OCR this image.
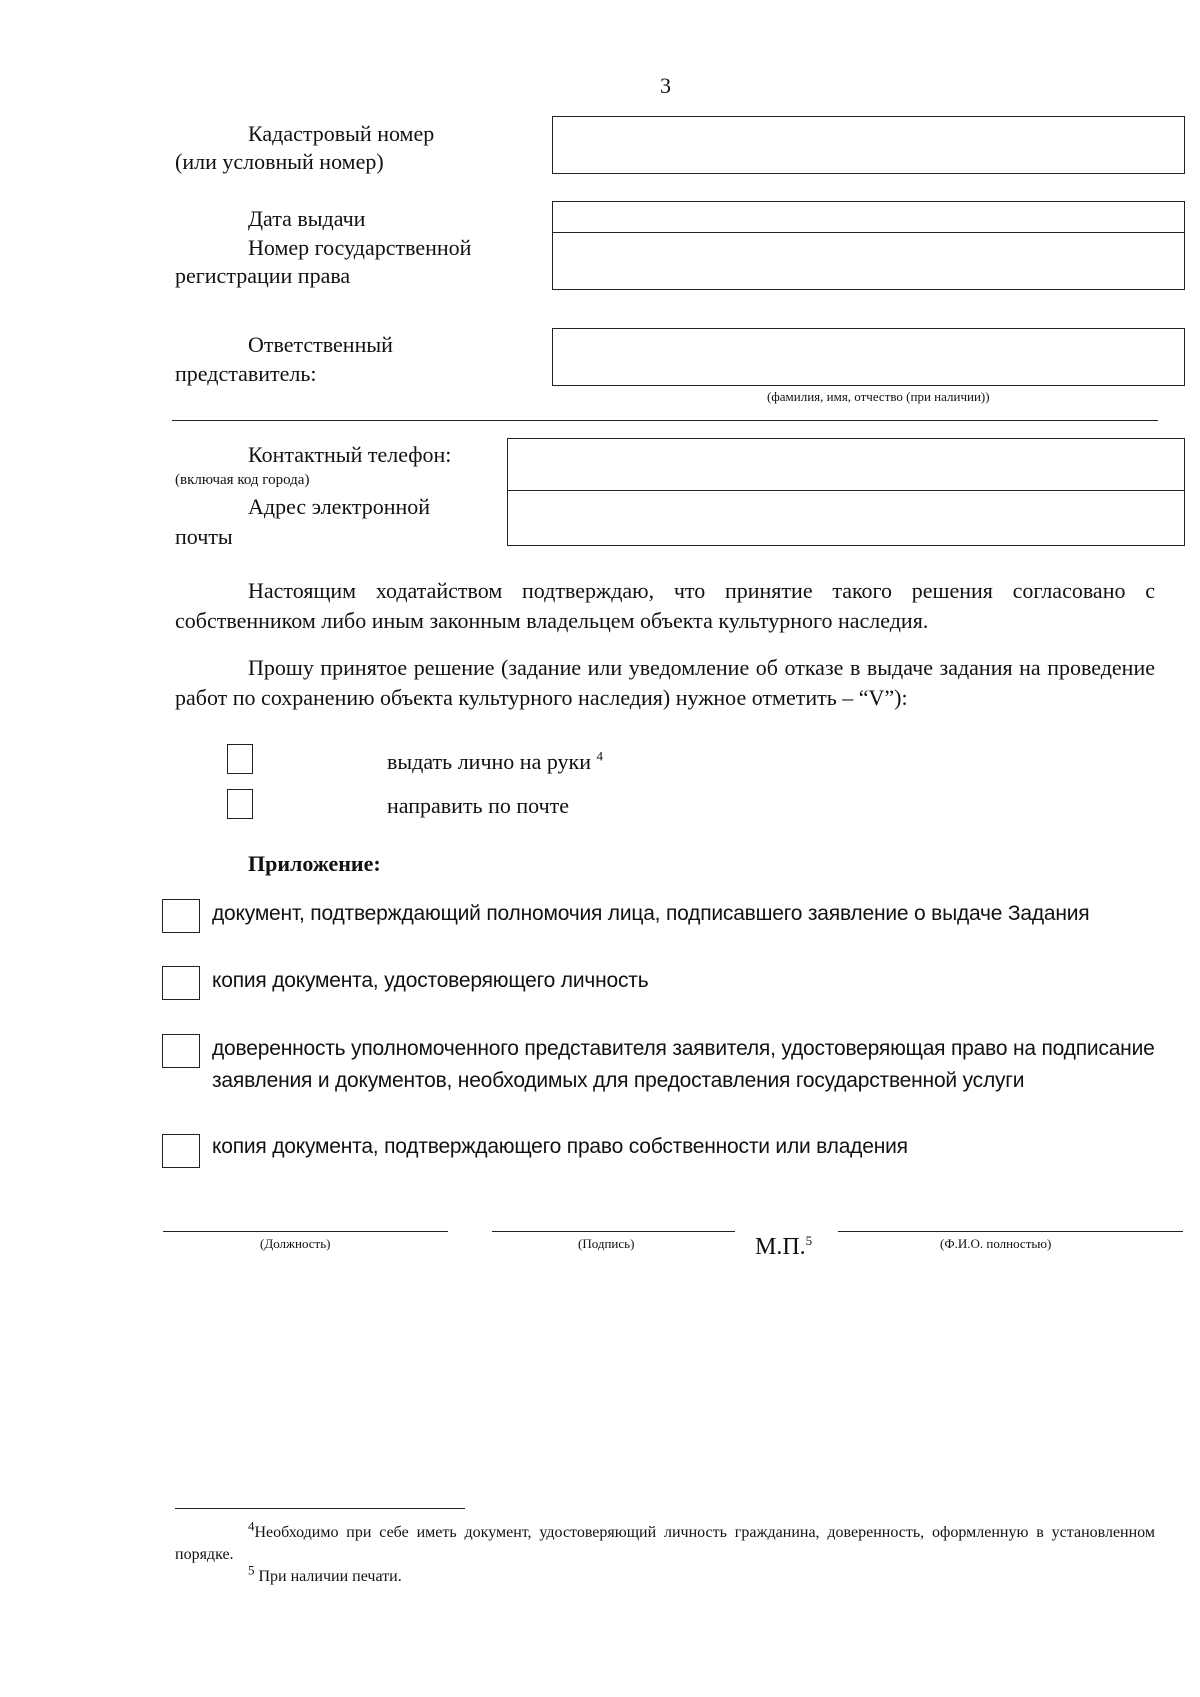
3
Кадастровый номер
(или условный номер)
Дата выдачи
Номер государственной
регистрации права
Ответственный
представитель:
(фамилия, имя, отчество (при наличии))
Контактный телефон:
(включая код города)
Адрес электронной
почты
Настоящим ходатайством подтверждаю, что принятие такого решения согласовано с собственником либо иным законным владельцем объекта культурного наследия.
Прошу принятое решение (задание или уведомление об отказе в выдаче задания на проведение работ по сохранению объекта культурного наследия) нужное отметить – “V”):
выдать лично на руки $^4$
направить по почте
Приложение:
документ, подтверждающий полномочия лица, подписавшего заявление о выдаче Задания
копия документа, удостоверяющего личность
доверенность уполномоченного представителя заявителя, удостоверяющая право на подписание заявления и документов, необходимых для предоставления государственной услуги
копия документа, подтверждающего право собственности или владения
(Должность)	(Подпись)	М.П.$^5$	(Ф.И.О. полностью)
$^4$Необходимо при себе иметь документ, удостоверяющий личность гражданина, доверенность, оформленную в установленном порядке.
$^5$ При наличии печати.
